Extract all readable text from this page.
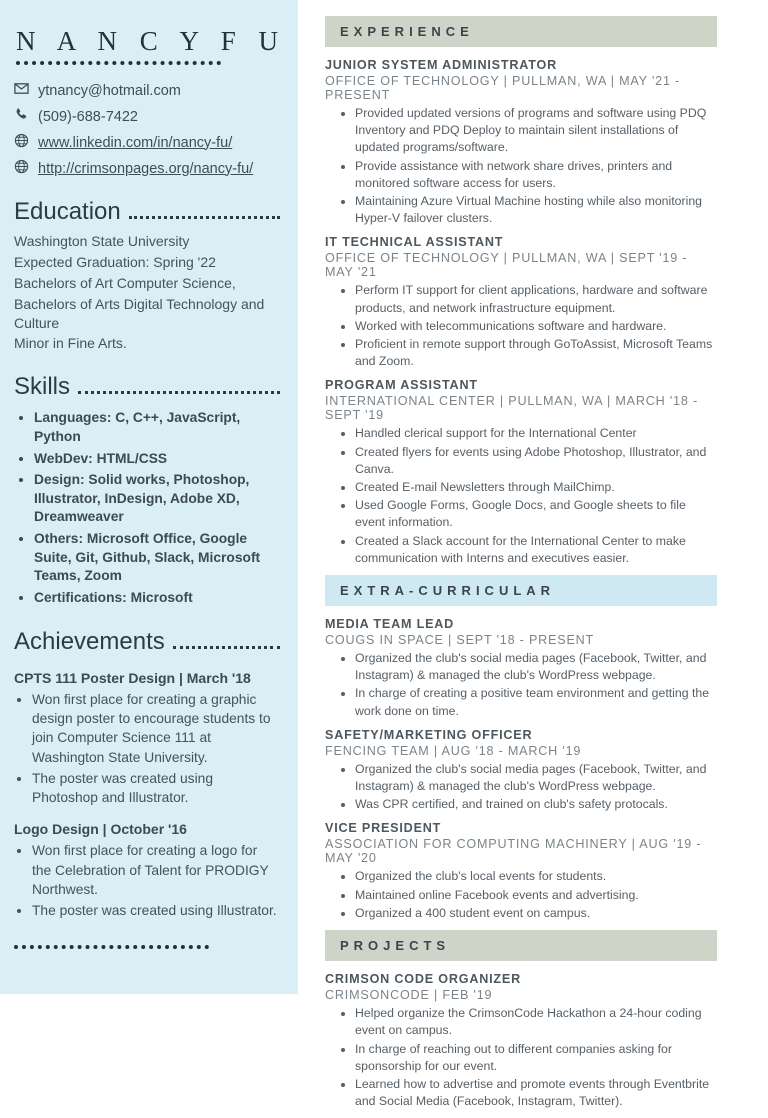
N A N C Y F U
ytnancy@hotmail.com
(509)-688-7422
www.linkedin.com/in/nancy-fu/
http://crimsonpages.org/nancy-fu/
Education

Washington State University

Expected Graduation: Spring '22

Bachelors of Art Computer Science,

Bachelors of Arts Digital Technology and Culture

Minor in Fine Arts.

Skills
• Languages: C, C++, JavaScript, Python
• WebDev: HTML/CSS
• Design: Solid works, Photoshop, Illustrator, InDesign, Adobe XD, Dreamweaver
• Others: Microsoft Office, Google Suite, Git, Github, Slack, Microsoft Teams, Zoom
• Certifications: Microsoft
Achievements
CPTS 111 Poster Design | March '18
• Won first place for creating a graphic design poster to encourage students to join Computer Science 111 at Washington State University.
• The poster was created using Photoshop and Illustrator.
Logo Design | October '16
• Won first place for creating a logo for the Celebration of Talent for PRODIGY Northwest.
• The poster was created using Illustrator.
EXPERIENCE
JUNIOR SYSTEM ADMINISTRATOR
OFFICE OF TECHNOLOGY | PULLMAN, WA | MAY '21 - PRESENT
• Provided updated versions of programs and software using PDQ Inventory and PDQ Deploy to maintain silent installations of updated programs/software.
• Provide assistance with network share drives, printers and monitored software access for users.
• Maintaining Azure Virtual Machine hosting while also monitoring Hyper-V failover clusters.
IT TECHNICAL ASSISTANT
OFFICE OF TECHNOLOGY | PULLMAN, WA | SEPT '19 - MAY '21
• Perform IT support for client applications, hardware and software products, and network infrastructure equipment.
• Worked with telecommunications software and hardware.
• Proficient in remote support through GoToAssist, Microsoft Teams and Zoom.
PROGRAM ASSISTANT
INTERNATIONAL CENTER | PULLMAN, WA | MARCH '18 - SEPT '19
• Handled clerical support for the International Center
• Created flyers for events using Adobe Photoshop, Illustrator, and Canva.
• Created E-mail Newsletters through MailChimp.
• Used Google Forms, Google Docs, and Google sheets to file event information.
• Created a Slack account for the International Center to make communication with Interns and executives easier.
EXTRA-CURRICULAR
MEDIA TEAM LEAD
COUGS IN SPACE | SEPT '18 - PRESENT
• Organized the club's social media pages (Facebook, Twitter, and Instagram) & managed the club's WordPress webpage.
• In charge of creating a positive team environment and getting the work done on time.
SAFETY/MARKETING OFFICER
FENCING TEAM | AUG '18 - MARCH '19
• Organized the club's social media pages (Facebook, Twitter, and Instagram) & managed the club's WordPress webpage.
• Was CPR certified, and trained on club's safety protocals.
VICE PRESIDENT
ASSOCIATION FOR COMPUTING MACHINERY | AUG '19 - MAY '20
• Organized the club's local events for students.
• Maintained online Facebook events and advertising.
• Organized a 400 student event on campus.
PROJECTS
CRIMSON CODE ORGANIZER
CRIMSONCODE | FEB '19
• Helped organize the CrimsonCode Hackathon a 24-hour coding event on campus.
• In charge of reaching out to different companies asking for sponsorship for our event.
• Learned how to advertise and promote events through Eventbrite and Social Media (Facebook, Instagram, Twitter).
